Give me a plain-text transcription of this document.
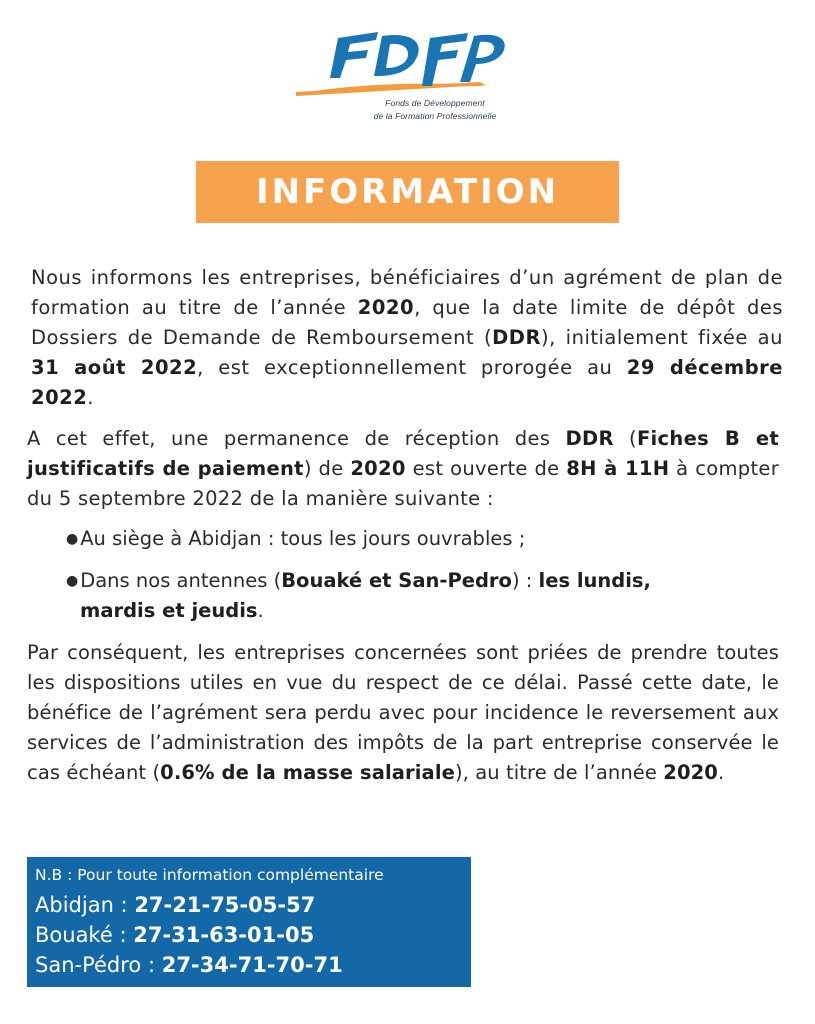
Fonds de Développement
de la Formation Professionnelle
INFORMATION

Nous informons les entreprises, bénéficiaires d’un agrément de plan de formation au titre de l’année 2020, que la date limite de dépôt des Dossiers de Demande de Remboursement (DDR), initialement fixée au 31 août 2022, est exceptionnellement prorogée au 29 décembre 2022.

A cet effet, une permanence de réception des DDR (Fiches B et justificatifs de paiement) de 2020 est ouverte de 8H à 11H à compter du 5 septembre 2022 de la manière suivante :

● Au siège à Abidjan : tous les jours ouvrables ;

● Dans nos antennes (Bouaké et San-Pedro) : les lundis,
mardis et jeudis.

Par conséquent, les entreprises concernées sont priées de prendre toutes les dispositions utiles en vue du respect de ce délai. Passé cette date, le bénéfice de l’agrément sera perdu avec pour incidence le reversement aux services de l’administration des impôts de la part entreprise conservée le cas échéant (0.6% de la masse salariale), au titre de l’année 2020.

N.B : Pour toute information complémentaire
Abidjan : 27-21-75-05-57
Bouaké : 27-31-63-01-05
San-Pédro : 27-34-71-70-71
